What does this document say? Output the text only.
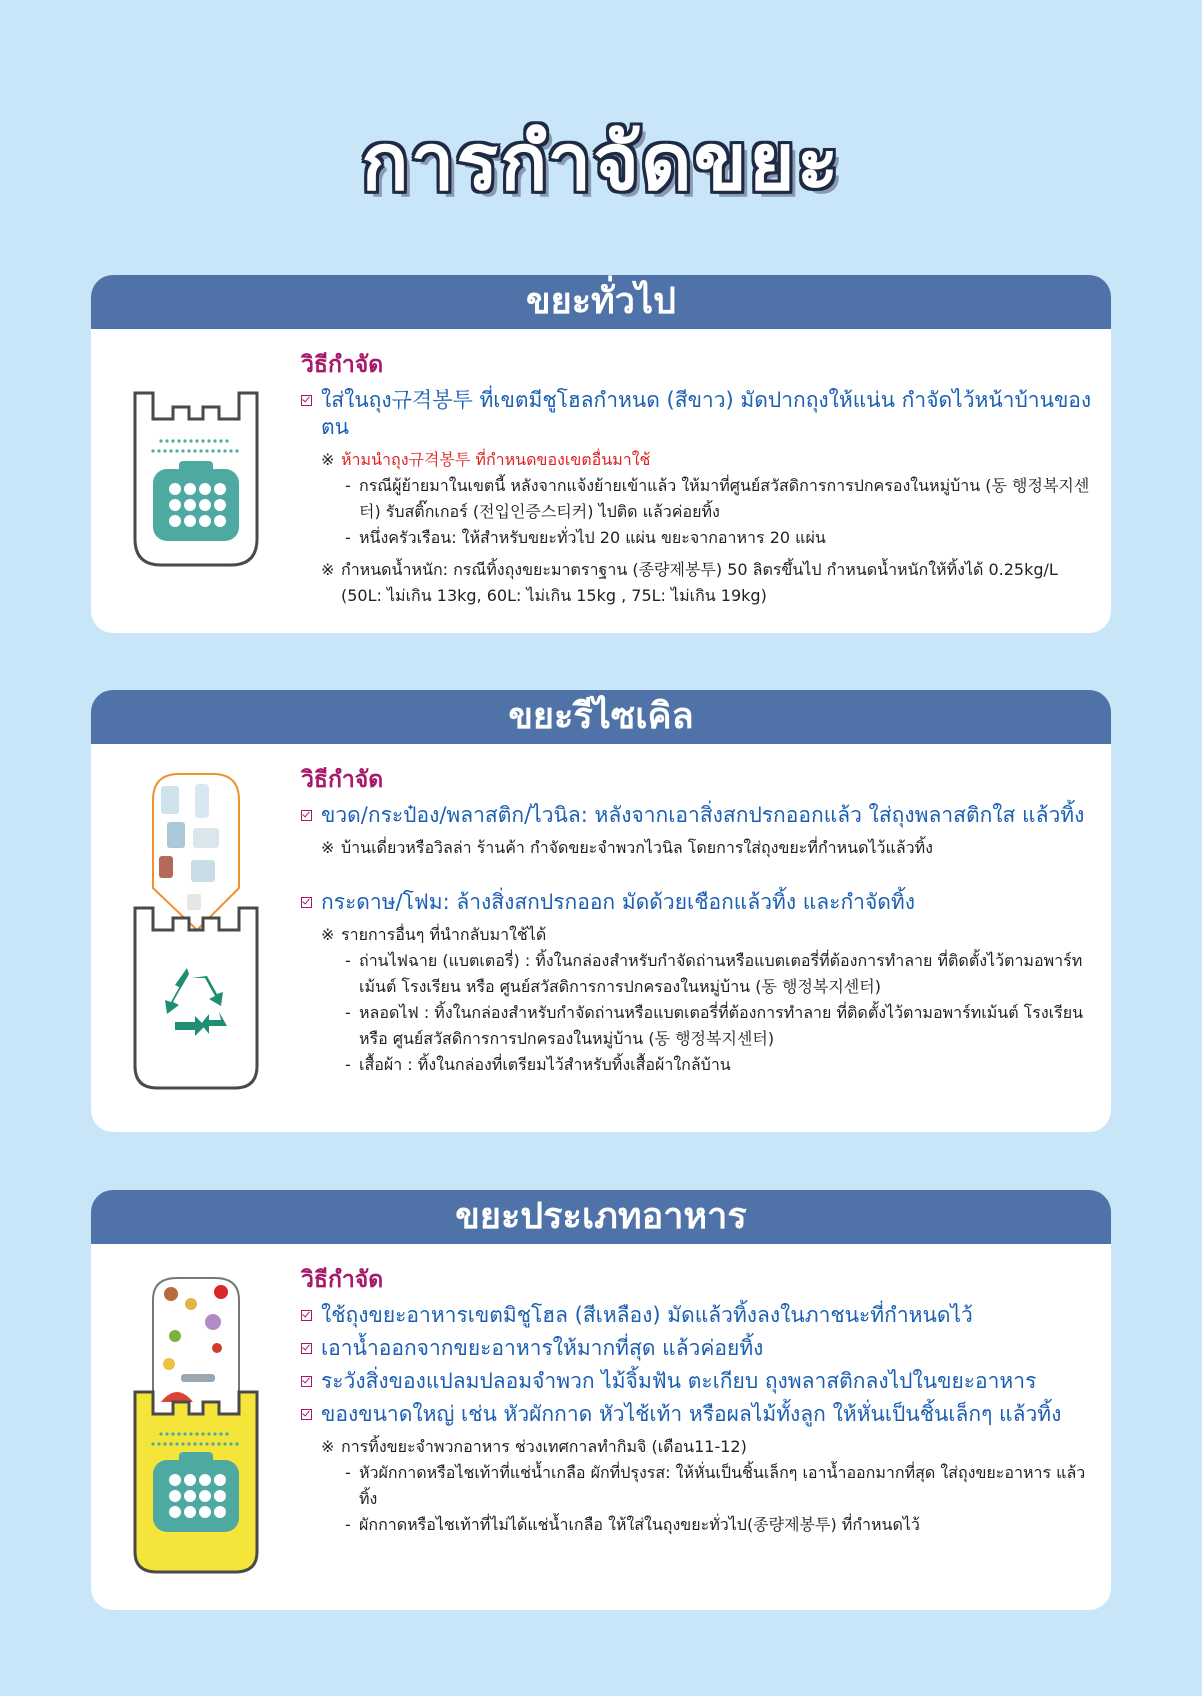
การกำจัดขยะ
ขยะทั่วไป
วิธีกำจัด
ใส่ในถุง규격봉투 ที่เขตมีชูโฮลกำหนด (สีขาว) มัดปากถุงให้แน่น กำจัดไว้หน้าบ้านของตน
※ ห้ามนำถุง규격봉투 ที่กำหนดของเขตอื่นมาใช้
- กรณีผู้ย้ายมาในเขตนี้ หลังจากแจ้งย้ายเข้าแล้ว ให้มาที่ศูนย์สวัสดิการการปกครองในหมู่บ้าน (동 행정복지센터) รับสติ๊กเกอร์ (전입인증스티커) ไปติด แล้วค่อยทิ้ง
- หนึ่งครัวเรือน: ให้สำหรับขยะทั่วไป 20 แผ่น ขยะจากอาหาร 20 แผ่น
※ กำหนดน้ำหนัก: กรณีทิ้งถุงขยะมาตราฐาน (종량제봉투) 50 ลิตรขึ้นไป กำหนดน้ำหนักให้ทิ้งได้ 0.25kg/L (50L: ไม่เกิน 13kg, 60L: ไม่เกิน 15kg , 75L: ไม่เกิน 19kg)
ขยะรีไซเคิล
วิธีกำจัด
ขวด/กระป๋อง/พลาสติก/ไวนิล: หลังจากเอาสิ่งสกปรกออกแล้ว ใส่ถุงพลาสติกใส แล้วทิ้ง
※ บ้านเดี่ยวหรือวิลล่า ร้านค้า กำจัดขยะจำพวกไวนิล โดยการใส่ถุงขยะที่กำหนดไว้แล้วทิ้ง
กระดาษ/โฟม: ล้างสิ่งสกปรกออก มัดด้วยเชือกแล้วทิ้ง และกำจัดทิ้ง
※ รายการอื่นๆ ที่นำกลับมาใช้ได้
- ถ่านไฟฉาย (แบตเตอรี่) : ทิ้งในกล่องสำหรับกำจัดถ่านหรือแบตเตอรี่ที่ต้องการทำลาย ที่ติดตั้งไว้ตามอพาร์ทเม้นต์ โรงเรียน หรือ ศูนย์สวัสดิการการปกครองในหมู่บ้าน (동 행정복지센터)
- หลอดไฟ : ทิ้งในกล่องสำหรับกำจัดถ่านหรือแบตเตอรี่ที่ต้องการทำลาย ที่ติดตั้งไว้ตามอพาร์ทเม้นต์ โรงเรียน หรือ ศูนย์สวัสดิการการปกครองในหมู่บ้าน (동 행정복지센터)
- เสื้อผ้า : ทิ้งในกล่องที่เตรียมไว้สำหรับทิ้งเสื้อผ้าใกล้บ้าน
ขยะประเภทอาหาร
วิธีกำจัด
ใช้ถุงขยะอาหารเขตมิชูโฮล (สีเหลือง) มัดแล้วทิ้งลงในภาชนะที่กำหนดไว้
เอาน้ำออกจากขยะอาหารให้มากที่สุด แล้วค่อยทิ้ง
ระวังสิ่งของแปลมปลอมจำพวก ไม้จิ้มฟัน ตะเกียบ ถุงพลาสติกลงไปในขยะอาหาร
ของขนาดใหญ่ เช่น หัวผักกาด หัวไช้เท้า หรือผลไม้ทั้งลูก ให้หั่นเป็นชิ้นเล็กๆ แล้วทิ้ง
※ การทิ้งขยะจำพวกอาหาร ช่วงเทศกาลทำกิมจิ (เดือน11-12)
- หัวผักกาดหรือไชเท้าที่แช่น้ำเกลือ ผักที่ปรุงรส: ให้หั่นเป็นชิ้นเล็กๆ เอาน้ำออกมากที่สุด ใส่ถุงขยะอาหาร แล้วทิ้ง
- ผักกาดหรือไชเท้าที่ไม่ได้แช่น้ำเกลือ ให้ใส่ในถุงขยะทั่วไป(종량제봉투) ที่กำหนดไว้
